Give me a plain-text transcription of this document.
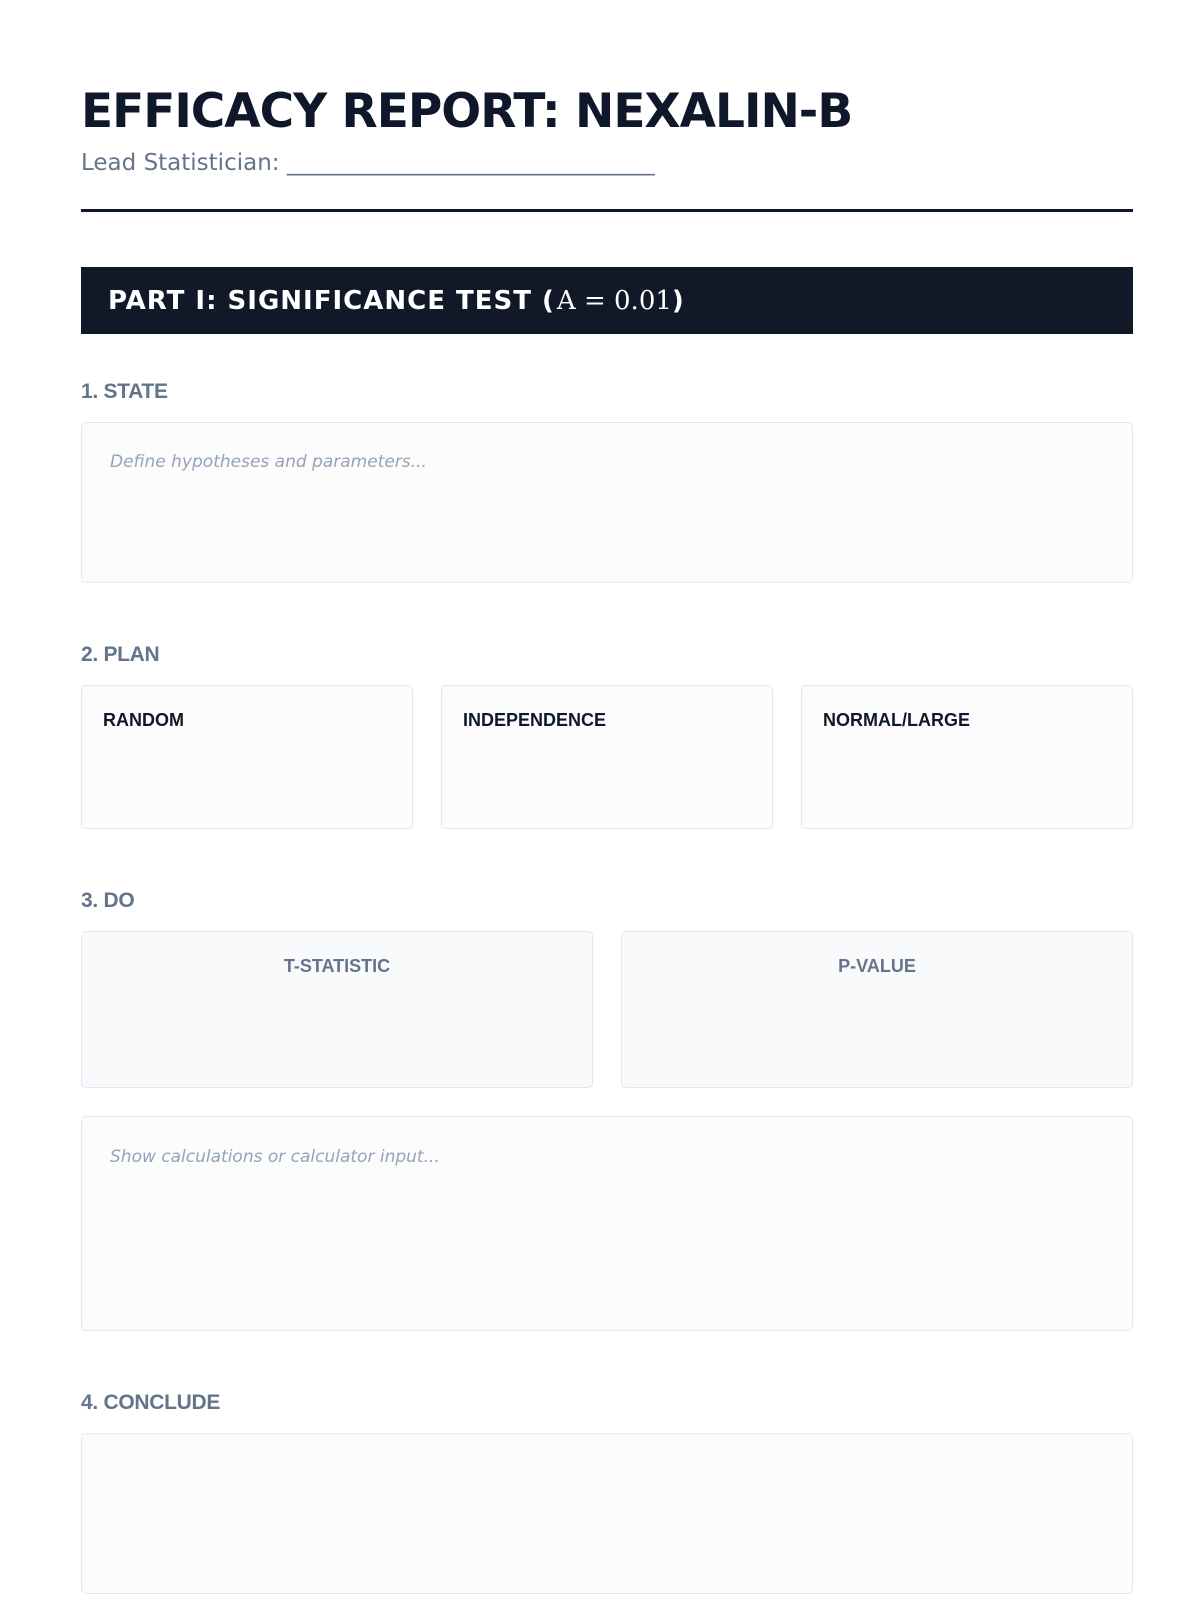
EFFICACY REPORT: NEXALIN-B
Lead Statistician: ________________________________
PART I: SIGNIFICANCE TEST ( Α = 0.01 )
1. STATE
Define hypotheses and parameters...
2. PLAN
RANDOM	INDEPENDENCE	NORMAL/LARGE
3. DO
T-STATISTIC	P-VALUE
Show calculations or calculator input...
4. CONCLUDE
